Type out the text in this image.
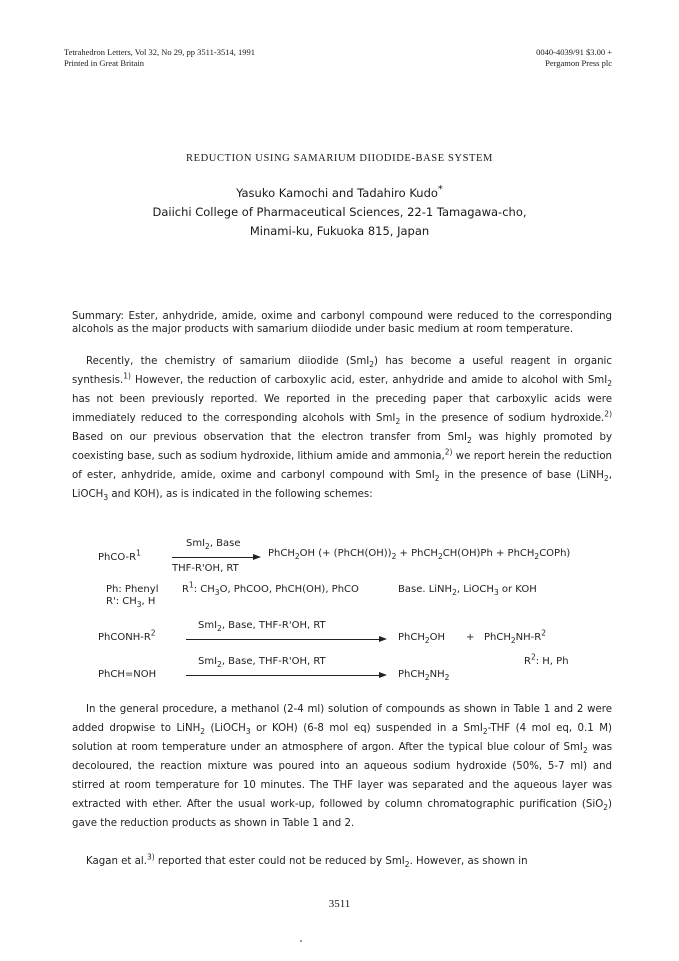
Tetrahedron Letters, Vol 32, No 29, pp 3511-3514, 1991
Printed in Great Britain
0040-4039/91 $3.00 +
Pergamon Press plc
REDUCTION USING SAMARIUM DIIODIDE-BASE SYSTEM
Yasuko Kamochi and Tadahiro Kudo*
Daiichi College of Pharmaceutical Sciences, 22-1 Tamagawa-cho,
Minami-ku, Fukuoka 815, Japan
Summary: Ester, anhydride, amide, oxime and carbonyl compound were reduced to the corresponding alcohols as the major products with samarium diiodide under basic medium at room temperature.

Recently, the chemistry of samarium diiodide (SmI$_2$) has become a useful reagent in organic synthesis.$^{1)}$ However, the reduction of carboxylic acid, ester, anhydride and amide to alcohol with SmI$_2$ has not been previously reported. We reported in the preceding paper that carboxylic acids were immediately reduced to the corresponding alcohols with SmI$_2$ in the presence of sodium hydroxide.$^{2)}$ Based on our previous observation that the electron transfer from SmI$_2$ was highly promoted by coexisting base, such as sodium hydroxide, lithium amide and ammonia,$^{2)}$ we report herein the reduction of ester, anhydride, amide, oxime and carbonyl compound with SmI$_2$ in the presence of base (LiNH$_2$, LiOCH$_3$ and KOH), as is indicated in the following schemes:

PhCO-$R^1$
SmI$_2$, Base
THF-R'OH, RT
PhCH$_2$OH (+ $(PhCH(OH))_2$ + PhCH$_2$CH(OH)Ph + PhCH$_2$COPh)
Ph: Phenyl $R^1$: $CH_3O$, PhCOO, PhCH(OH), PhCO	Base. LiNH$_2$, LiOCH$_3$ or KOH
R': $CH_3$, H
PhCONH-$R^2$
SmI$_2$, Base, THF-R'OH, RT
PhCH$_2$OH + $PhCH_2NH-R^2$
$R^2$: H, Ph
PhCH=NOH
SmI$_2$, Base, THF-R'OH, RT
$PhCH_2NH_2$

In the general procedure, a methanol (2-4 ml) solution of compounds as shown in Table 1 and 2 were added dropwise to LiNH$_2$ (LiOCH$_3$ or KOH) (6-8 mol eq) suspended in a SmI$_2$-THF (4 mol eq, 0.1 M) solution at room temperature under an atmosphere of argon. After the typical blue colour of SmI$_2$ was decoloured, the reaction mixture was poured into an aqueous sodium hydroxide (50%, 5-7 ml) and stirred at room temperature for 10 minutes. The THF layer was separated and the aqueous layer was extracted with ether. After the usual work-up, followed by column chromatographic purification (SiO$_2$) gave the reduction products as shown in Table 1 and 2.

Kagan et al.$^{3)}$ reported that ester could not be reduced by SmI$_2$. However, as shown in

3511
